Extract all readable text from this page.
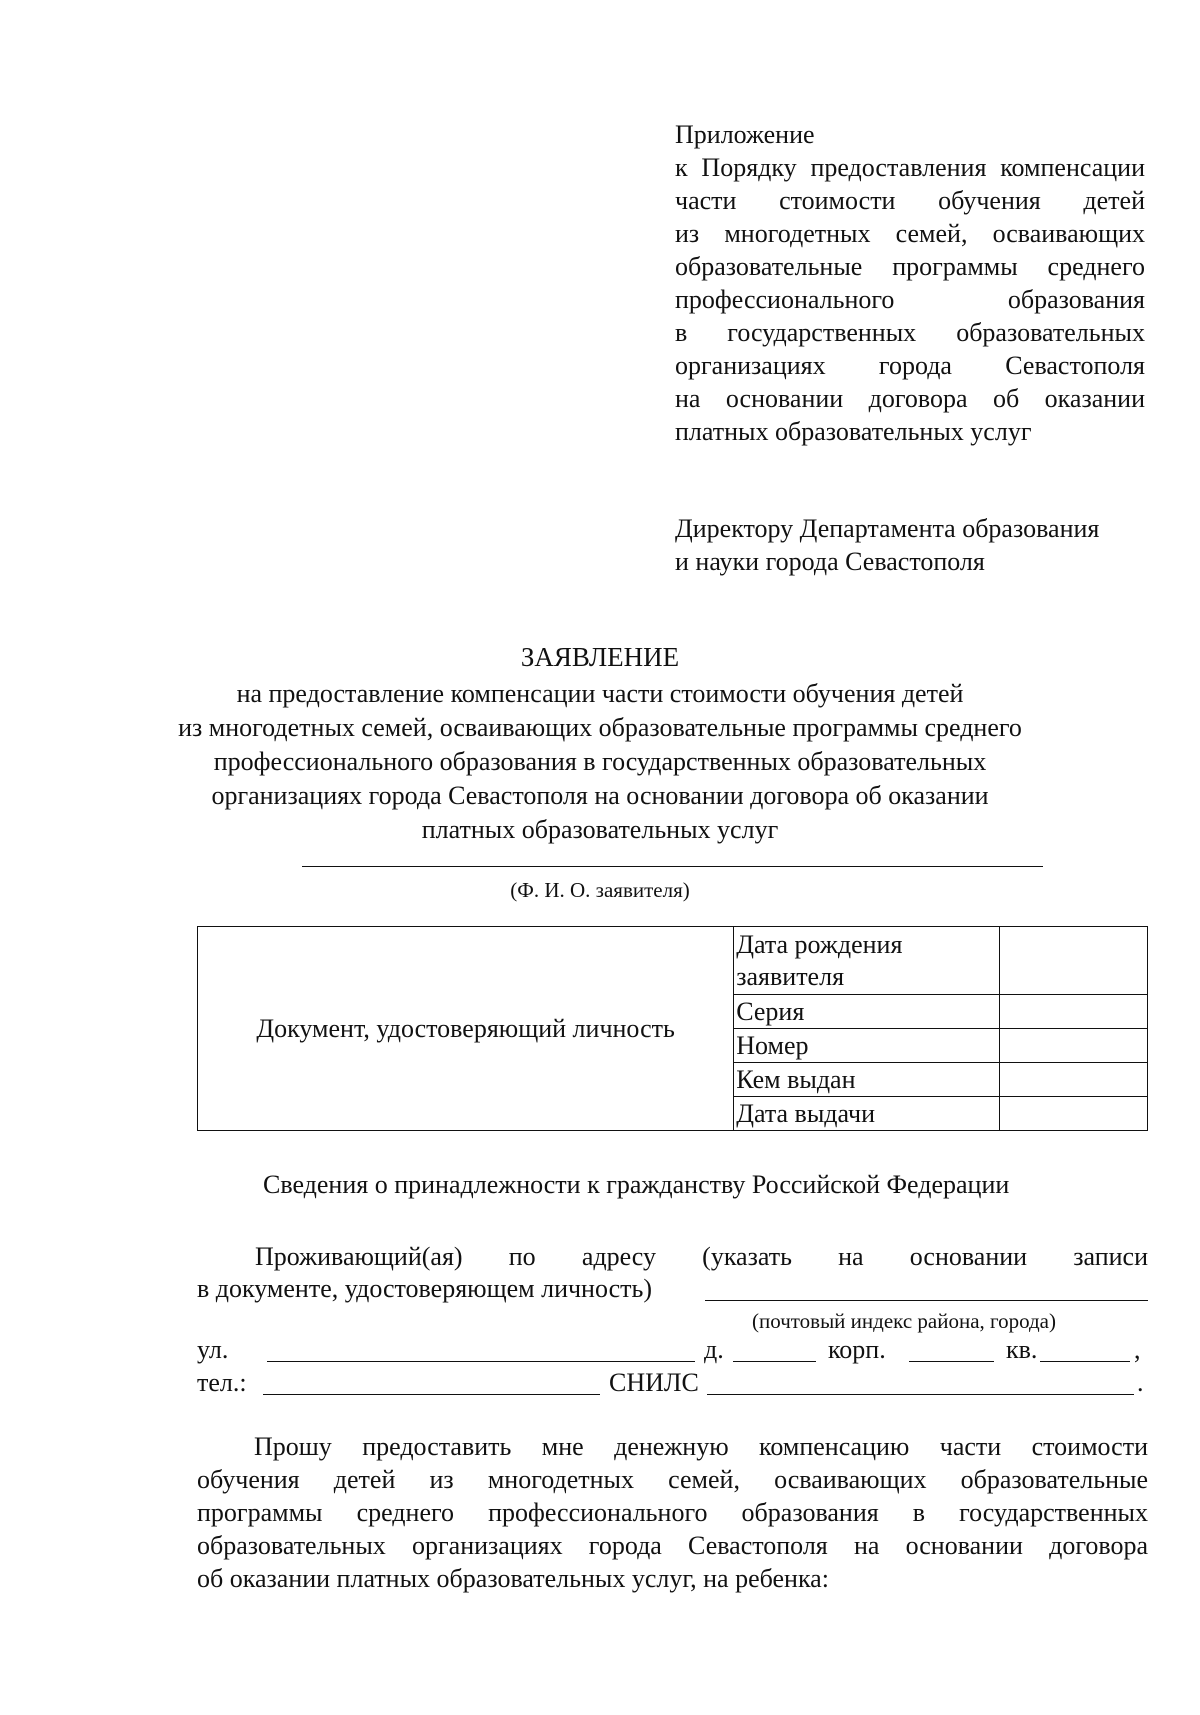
Приложение
к Порядку предоставления компенсации
части стоимости обучения детей
из многодетных семей, осваивающих
образовательные программы среднего
профессионального образования
в государственных образовательных
организациях города Севастополя
на основании договора об оказании
платных образовательных услуг
Директору Департамента образования
и науки города Севастополя
ЗАЯВЛЕНИЕ
на предоставление компенсации части стоимости обучения детей
из многодетных семей, осваивающих образовательные программы среднего
профессионального образования в государственных образовательных
организациях города Севастополя на основании договора об оказании
платных образовательных услуг
(Ф. И. О. заявителя)
Документ, удостоверяющий личность	Дата рождения заявителя	
	Серия	
	Номер	
	Кем выдан	
	Дата выдачи	
Сведения о принадлежности к гражданству Российской Федерации
Проживающий(ая) по адресу (указать на основании записи
в документе, удостоверяющем личность)
(почтовый индекс района, города)
ул.	д.	корп.	кв.	,
тел.:	СНИЛС	.
Прошу предоставить мне денежную компенсацию части стоимости
обучения детей из многодетных семей, осваивающих образовательные
программы среднего профессионального образования в государственных
образовательных организациях города Севастополя на основании договора
об оказании платных образовательных услуг, на ребенка:
